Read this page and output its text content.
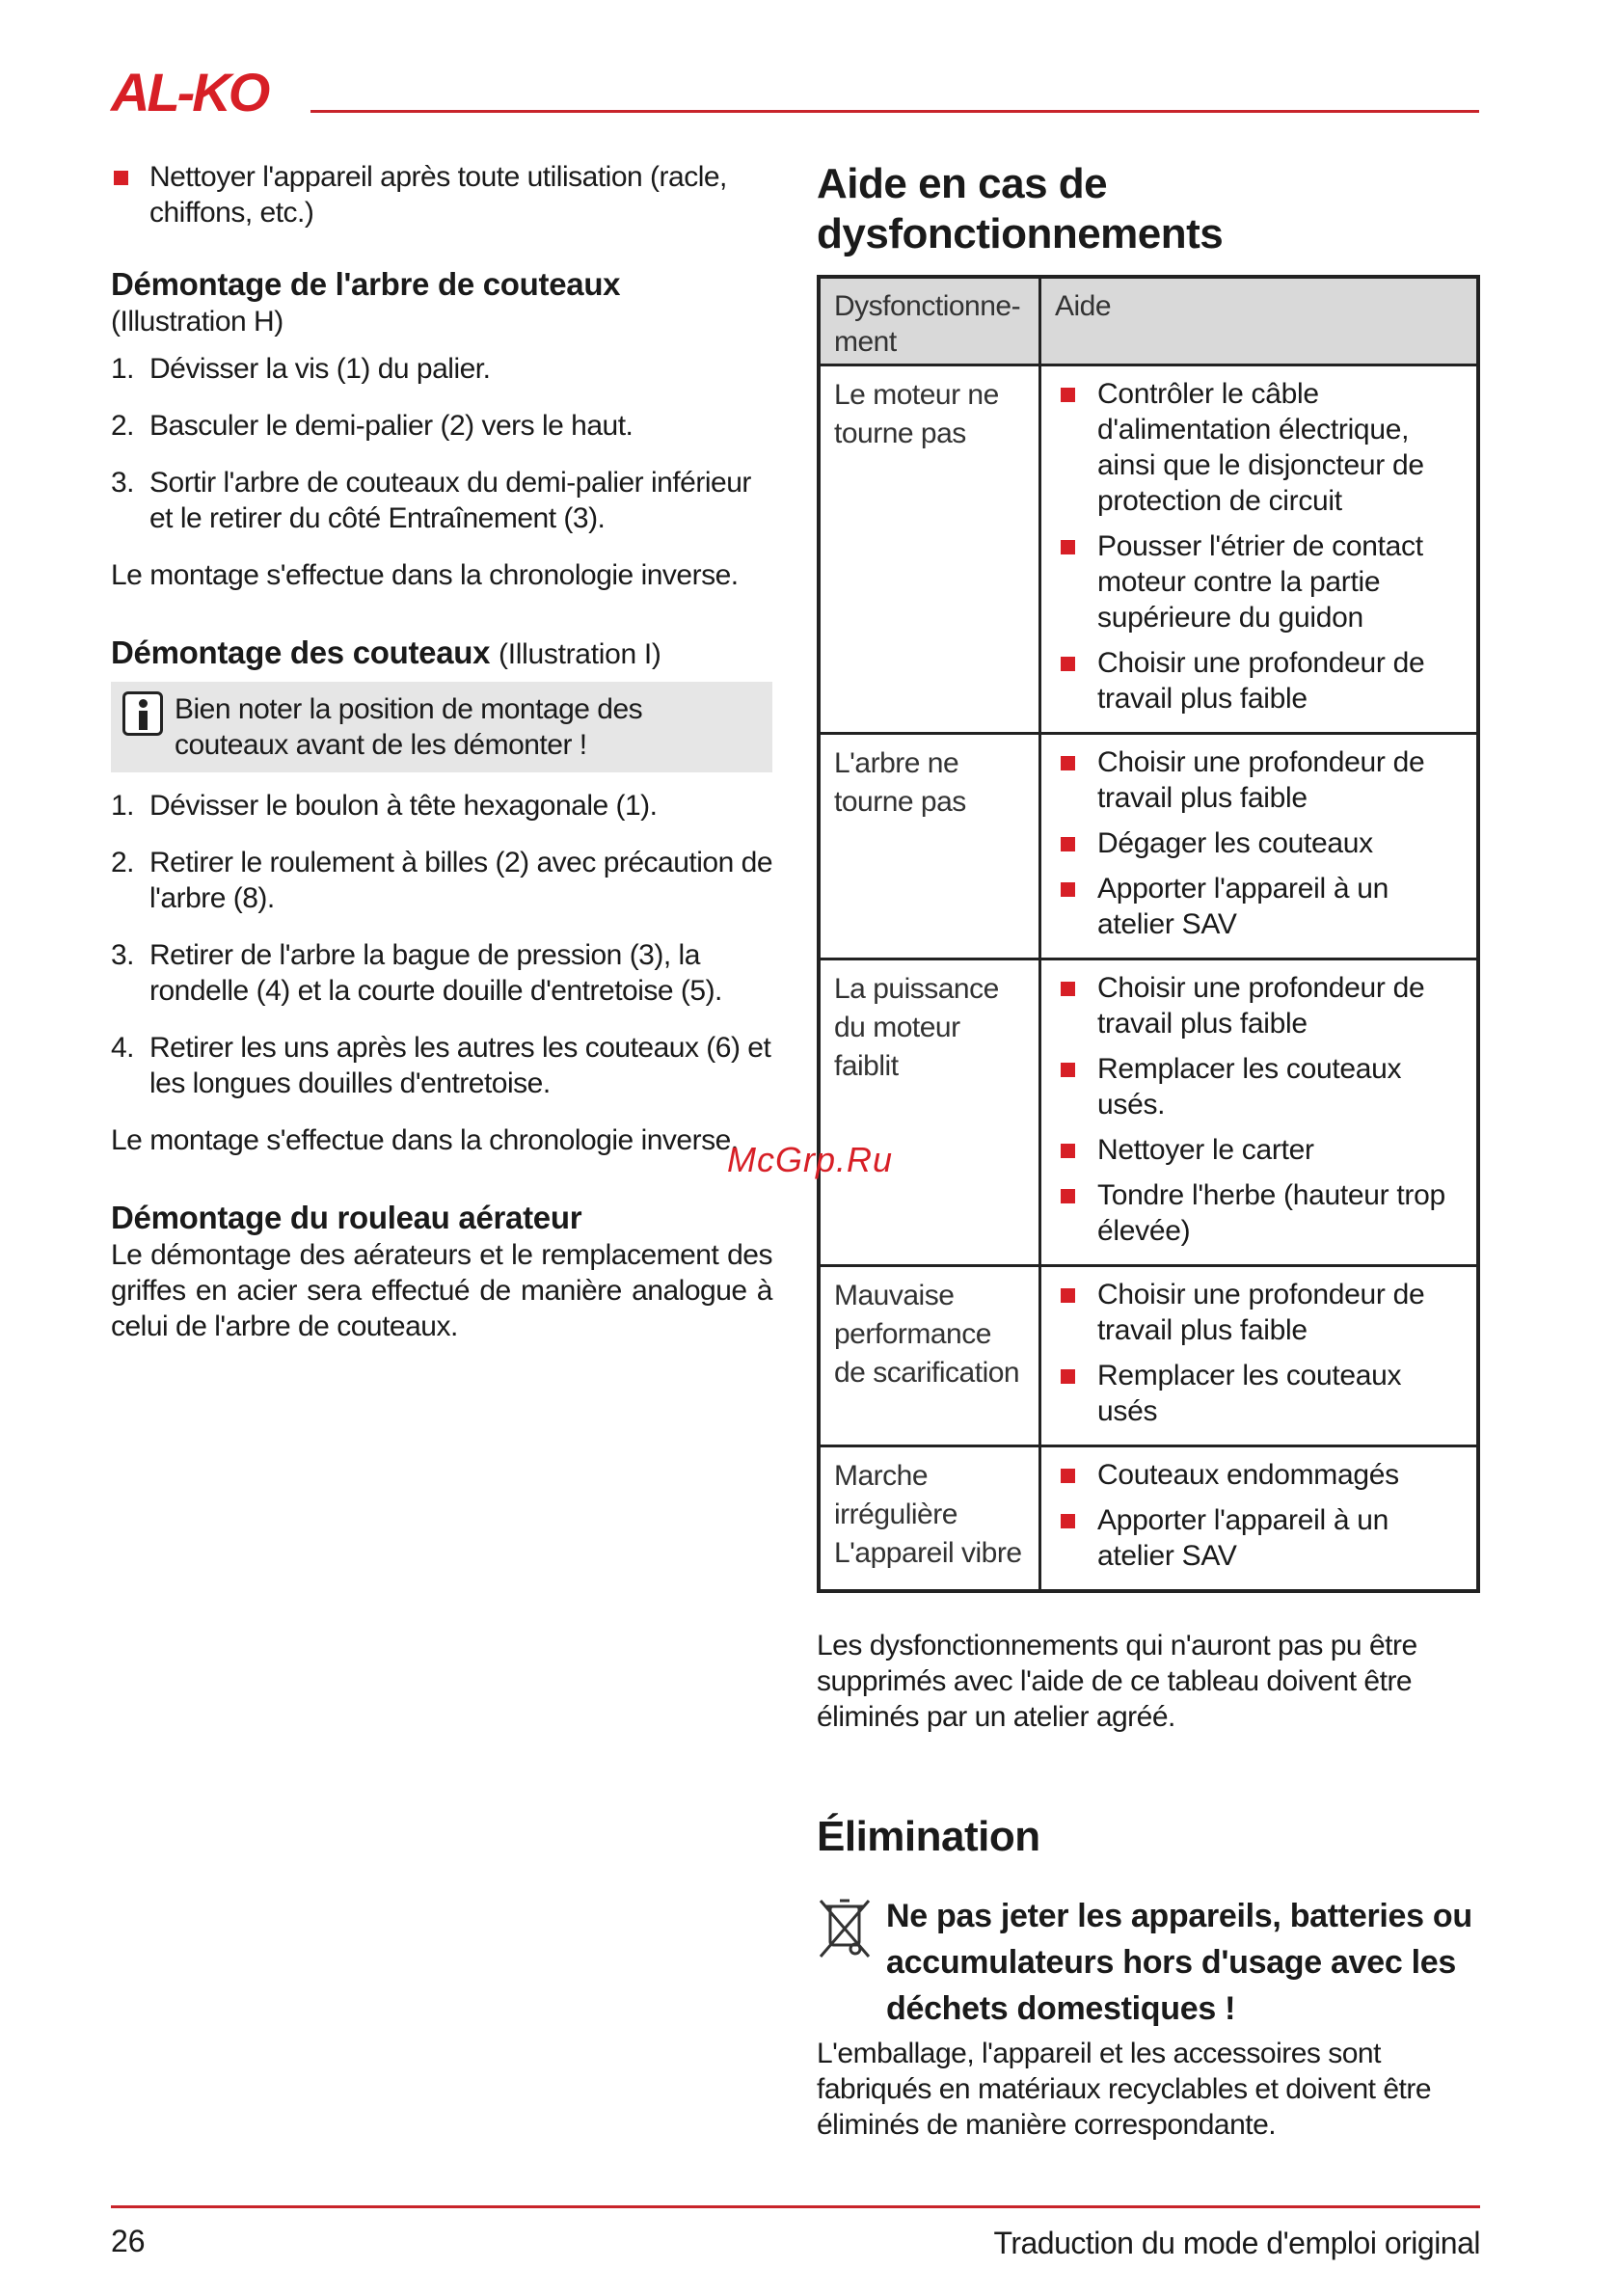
AL-KO
Nettoyer l'appareil après toute utilisation (racle, chiffons, etc.)
Démontage de l'arbre de couteaux
(Illustration H)
1. Dévisser la vis (1) du palier.
2. Basculer le demi-palier (2) vers le haut.
3. Sortir l'arbre de couteaux du demi-palier inférieur et le retirer du côté Entraînement (3).
Le montage s'effectue dans la chronologie inverse.
Démontage des couteaux (Illustration I)
Bien noter la position de montage des couteaux avant de les démonter !
1. Dévisser le boulon à tête hexagonale (1).
2. Retirer le roulement à billes (2) avec précaution de l'arbre (8).
3. Retirer de l'arbre la bague de pression (3), la rondelle (4) et la courte douille d'entretoise (5).
4. Retirer les uns après les autres les couteaux (6) et les longues douilles d'entretoise.
Le montage s'effectue dans la chronologie inverse.
Démontage du rouleau aérateur
Le démontage des aérateurs et le remplacement des griffes en acier sera effectué de manière analogue à celui de l'arbre de couteaux.
Aide en cas de dysfonctionnements
Dysfonctionne-ment	Aide
Le moteur ne tourne pas	Contrôler le câble d'alimentation électrique, ainsi que le disjoncteur de protection de circuit
Pousser l'étrier de contact moteur contre la partie supérieure du guidon
Choisir une profondeur de travail plus faible

L'arbre ne tourne pas	Choisir une profondeur de travail plus faible
Dégager les couteaux
Apporter l'appareil à un atelier SAV

La puissance du moteur faiblit	Choisir une profondeur de travail plus faible
Remplacer les couteaux usés.
Nettoyer le carter
Tondre l'herbe (hauteur trop élevée)

Mauvaise performance de scarification	Choisir une profondeur de travail plus faible
Remplacer les couteaux usés

Marche irrégulière L'appareil vibre	Couteaux endommagés
Apporter l'appareil à un atelier SAV
Les dysfonctionnements qui n'auront pas pu être supprimés avec l'aide de ce tableau doivent être éliminés par un atelier agréé.
Élimination
Ne pas jeter les appareils, batteries ou accumulateurs hors d'usage avec les déchets domestiques !
L'emballage, l'appareil et les accessoires sont fabriqués en matériaux recyclables et doivent être éliminés de manière correspondante.
McGrp.Ru
26	Traduction du mode d'emploi original
